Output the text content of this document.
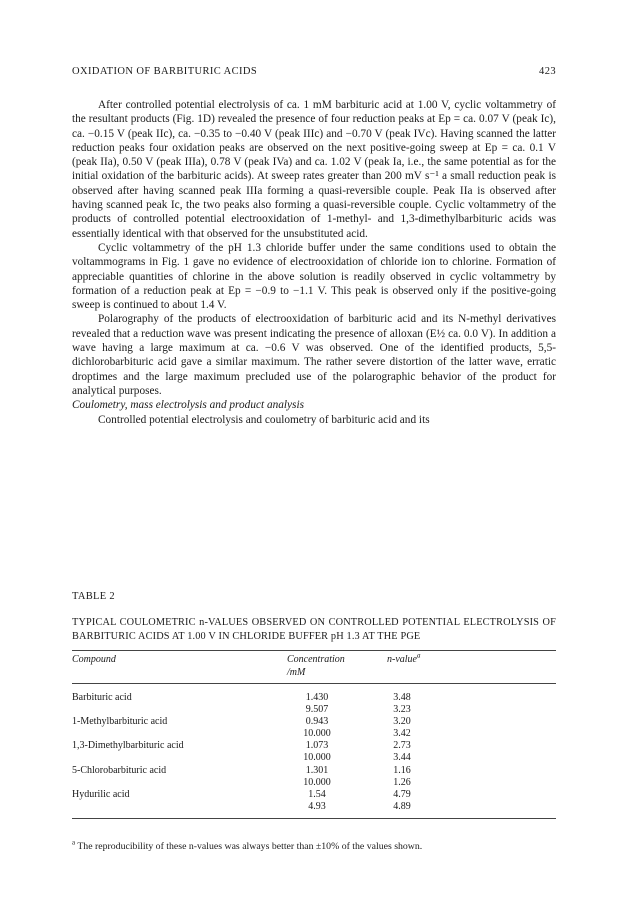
OXIDATION OF BARBITURIC ACIDS	423

After controlled potential electrolysis of ca. 1 mM barbituric acid at 1.00 V, cyclic voltammetry of the resultant products (Fig. 1D) revealed the presence of four reduction peaks at Ep = ca. 0.07 V (peak Ic), ca. −0.15 V (peak IIc), ca. −0.35 to −0.40 V (peak IIIc) and −0.70 V (peak IVc). Having scanned the latter reduction peaks four oxidation peaks are observed on the next positive-going sweep at Ep = ca. 0.1 V (peak IIa), 0.50 V (peak IIIa), 0.78 V (peak IVa) and ca. 1.02 V (peak Ia, i.e., the same potential as for the initial oxidation of the barbituric acids). At sweep rates greater than 200 mV s⁻¹ a small reduction peak is observed after having scanned peak IIIa forming a quasi-reversible couple. Peak IIa is observed after having scanned peak Ic, the two peaks also forming a quasi-reversible couple. Cyclic voltammetry of the products of controlled potential electrooxidation of 1-methyl- and 1,3-dimethylbarbituric acids was essentially identical with that observed for the unsubstituted acid.

Cyclic voltammetry of the pH 1.3 chloride buffer under the same conditions used to obtain the voltammograms in Fig. 1 gave no evidence of electrooxidation of chloride ion to chlorine. Formation of appreciable quantities of chlorine in the above solution is readily observed in cyclic voltammetry by formation of a reduction peak at Ep = −0.9 to −1.1 V. This peak is observed only if the positive-going sweep is continued to about 1.4 V.

Polarography of the products of electrooxidation of barbituric acid and its N-methyl derivatives revealed that a reduction wave was present indicating the presence of alloxan (E½ ca. 0.0 V). In addition a wave having a large maximum at ca. −0.6 V was observed. One of the identified products, 5,5-dichlorobarbituric acid gave a similar maximum. The rather severe distortion of the latter wave, erratic droptimes and the large maximum precluded use of the polarographic behavior of the product for analytical purposes.

Coulometry, mass electrolysis and product analysis

Controlled potential electrolysis and coulometry of barbituric acid and its

TABLE 2
TYPICAL COULOMETRIC n-VALUES OBSERVED ON CONTROLLED POTENTIAL ELECTROLYSIS OF BARBITURIC ACIDS AT 1.00 V IN CHLORIDE BUFFER pH 1.3 AT THE PGE
Compound	Concentration	n-value$^a$
/mM
Barbituric acid	1.430	3.48
9.507	3.23
1-Methylbarbituric acid	0.943	3.20
10.000	3.42
1,3-Dimethylbarbituric acid	1.073	2.73
10.000	3.44
5-Chlorobarbituric acid	1.301	1.16
10.000	1.26
Hydurilic acid	1.54	4.79
4.93	4.89
$^a$ The reproducibility of these n-values was always better than ±10% of the values shown.
